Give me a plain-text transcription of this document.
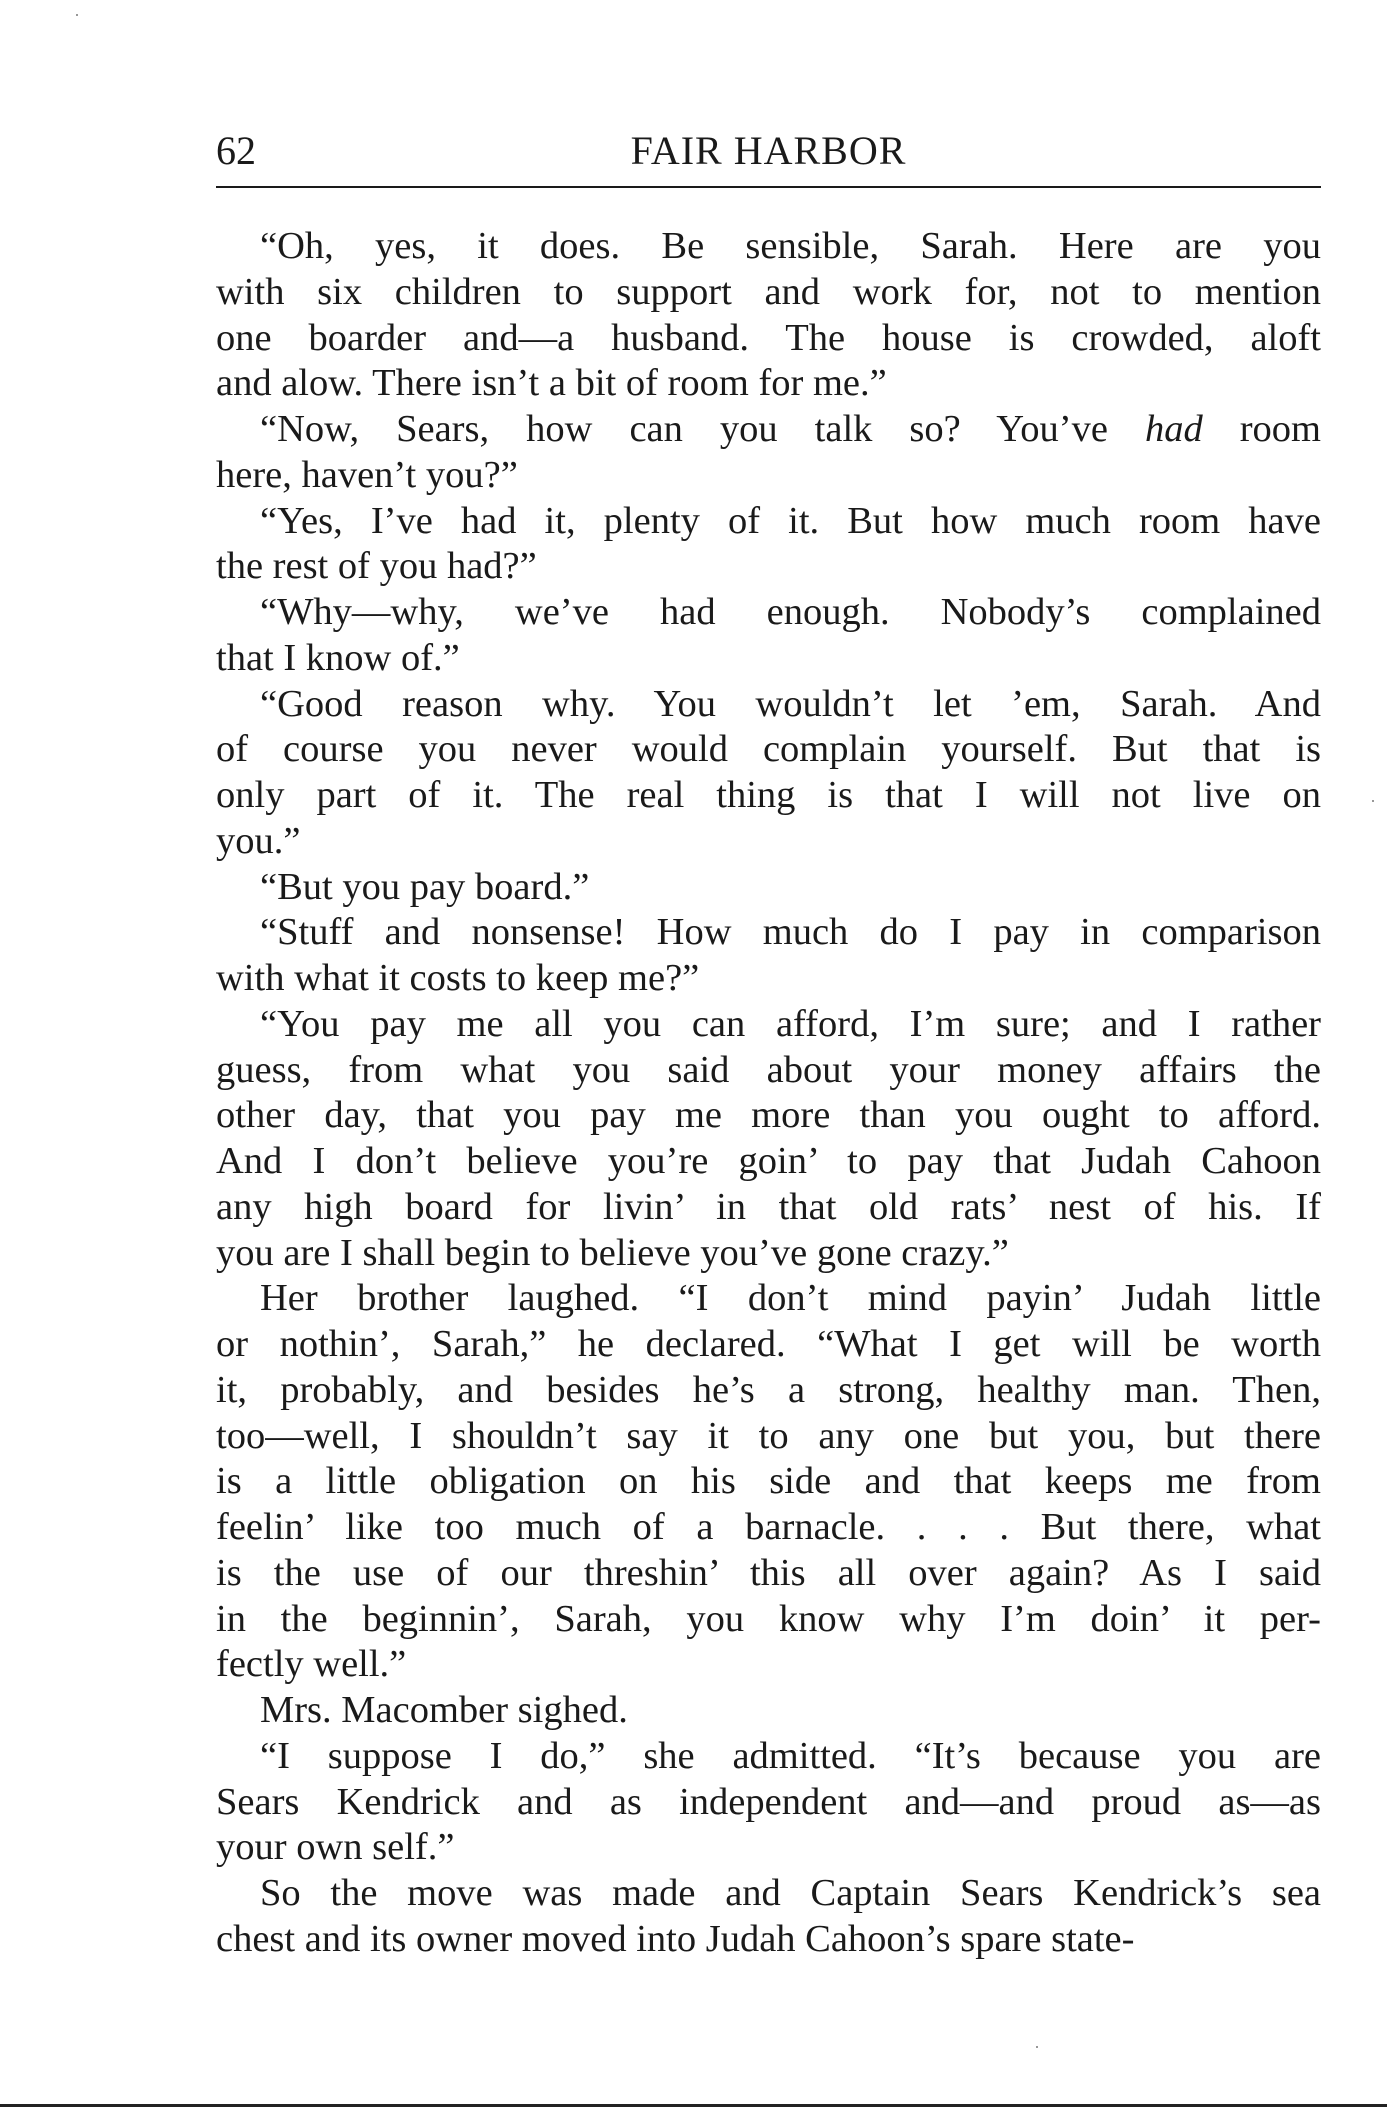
62	FAIR HARBOR
“Oh, yes, it does. Be sensible, Sarah. Here are you
with six children to support and work for, not to mention
one boarder and—a husband. The house is crowded, aloft
and alow. There isn’t a bit of room for me.”
“Now, Sears, how can you talk so? You’ve had room
here, haven’t you?”
“Yes, I’ve had it, plenty of it. But how much room have
the rest of you had?”
“Why—why, we’ve had enough. Nobody’s complained
that I know of.”
“Good reason why. You wouldn’t let ’em, Sarah. And
of course you never would complain yourself. But that is
only part of it. The real thing is that I will not live on
you.”
“But you pay board.”
“Stuff and nonsense! How much do I pay in comparison
with what it costs to keep me?”
“You pay me all you can afford, I’m sure; and I rather
guess, from what you said about your money affairs the
other day, that you pay me more than you ought to afford.
And I don’t believe you’re goin’ to pay that Judah Cahoon
any high board for livin’ in that old rats’ nest of his. If
you are I shall begin to believe you’ve gone crazy.”
Her brother laughed. “I don’t mind payin’ Judah little
or nothin’, Sarah,” he declared. “What I get will be worth
it, probably, and besides he’s a strong, healthy man. Then,
too—well, I shouldn’t say it to any one but you, but there
is a little obligation on his side and that keeps me from
feelin’ like too much of a barnacle. . . . But there, what
is the use of our threshin’ this all over again? As I said
in the beginnin’, Sarah, you know why I’m doin’ it per-
fectly well.”
Mrs. Macomber sighed.
“I suppose I do,” she admitted. “It’s because you are
Sears Kendrick and as independent and—and proud as—as
your own self.”
So the move was made and Captain Sears Kendrick’s sea
chest and its owner moved into Judah Cahoon’s spare state-
